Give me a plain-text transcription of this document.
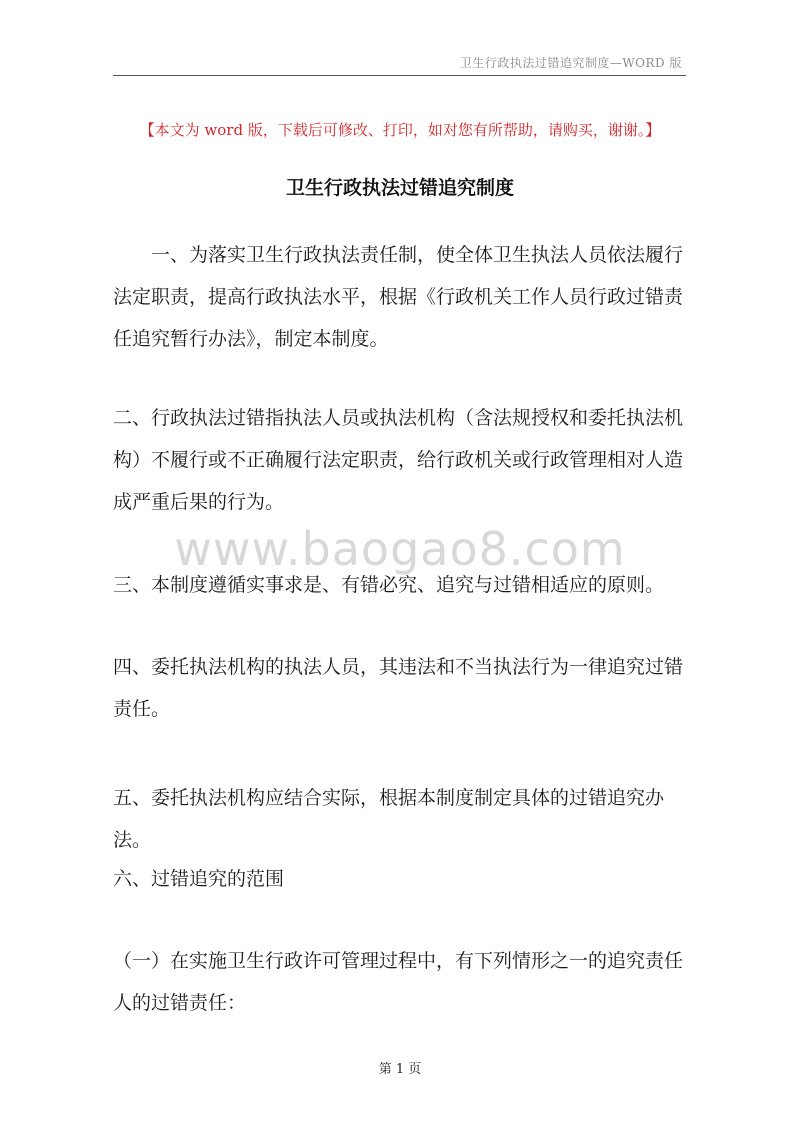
卫生行政执法过错追究制度—WORD 版
【本文为 word 版，下载后可修改、打印，如对您有所帮助，请购买，谢谢。】
卫生行政执法过错追究制度

一、为落实卫生行政执法责任制，使全体卫生执法人员依法履行法定职责，提高行政执法水平，根据《行政机关工作人员行政过错责任追究暂行办法》，制定本制度。

二、行政执法过错指执法人员或执法机构（含法规授权和委托执法机构）不履行或不正确履行法定职责，给行政机关或行政管理相对人造成严重后果的行为。

www.baogao8.com

三、本制度遵循实事求是、有错必究、追究与过错相适应的原则。

四、委托执法机构的执法人员，其违法和不当执法行为一律追究过错责任。

五、委托执法机构应结合实际，根据本制度制定具体的过错追究办法。

六、过错追究的范围

（一）在实施卫生行政许可管理过程中，有下列情形之一的追究责任人的过错责任：

第 1 页
